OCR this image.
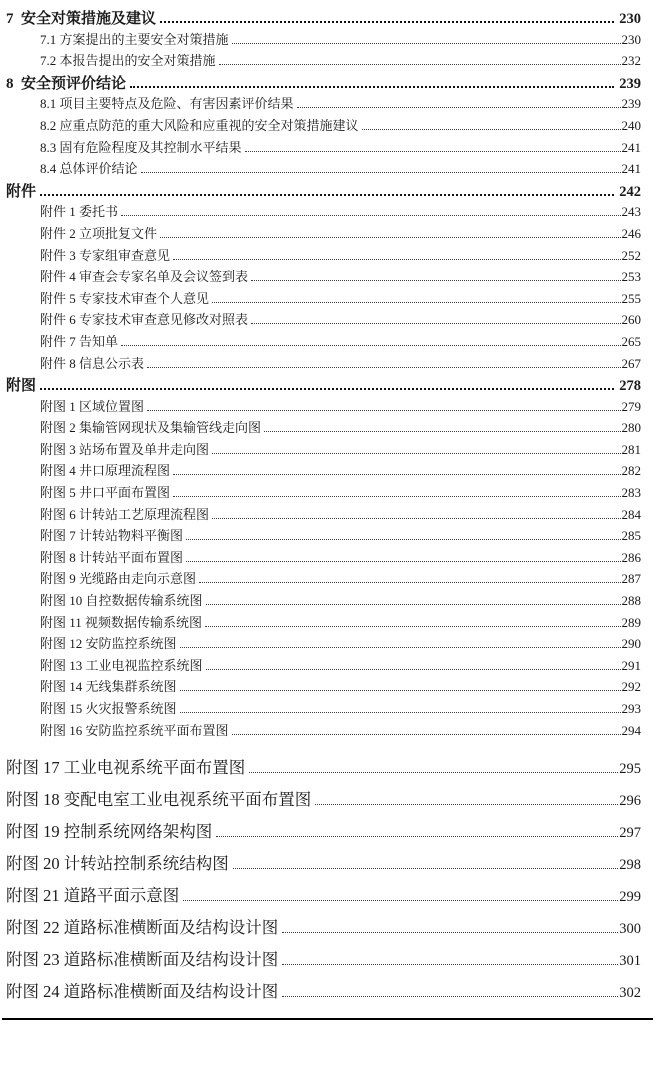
7  安全对策措施及建议	230
7.1 方案提出的主要安全对策措施	230
7.2 本报告提出的安全对策措施	232
8  安全预评价结论	239
8.1 项目主要特点及危险、有害因素评价结果	239
8.2 应重点防范的重大风险和应重视的安全对策措施建议	240
8.3 固有危险程度及其控制水平结果	241
8.4 总体评价结论	241
附件	242
附件 1 委托书	243
附件 2 立项批复文件	246
附件 3 专家组审查意见	252
附件 4 审查会专家名单及会议签到表	253
附件 5 专家技术审查个人意见	255
附件 6 专家技术审查意见修改对照表	260
附件 7 告知单	265
附件 8 信息公示表	267
附图	278
附图 1 区域位置图	279
附图 2 集输管网现状及集输管线走向图	280
附图 3 站场布置及单井走向图	281
附图 4 井口原理流程图	282
附图 5 井口平面布置图	283
附图 6 计转站工艺原理流程图	284
附图 7 计转站物料平衡图	285
附图 8 计转站平面布置图	286
附图 9 光缆路由走向示意图	287
附图 10 自控数据传输系统图	288
附图 11 视频数据传输系统图	289
附图 12 安防监控系统图	290
附图 13 工业电视监控系统图	291
附图 14 无线集群系统图	292
附图 15 火灾报警系统图	293
附图 16 安防监控系统平面布置图	294
附图 17 工业电视系统平面布置图	295
附图 18 变配电室工业电视系统平面布置图	296
附图 19 控制系统网络架构图	297
附图 20 计转站控制系统结构图	298
附图 21 道路平面示意图	299
附图 22 道路标准横断面及结构设计图	300
附图 23 道路标准横断面及结构设计图	301
附图 24 道路标准横断面及结构设计图	302
